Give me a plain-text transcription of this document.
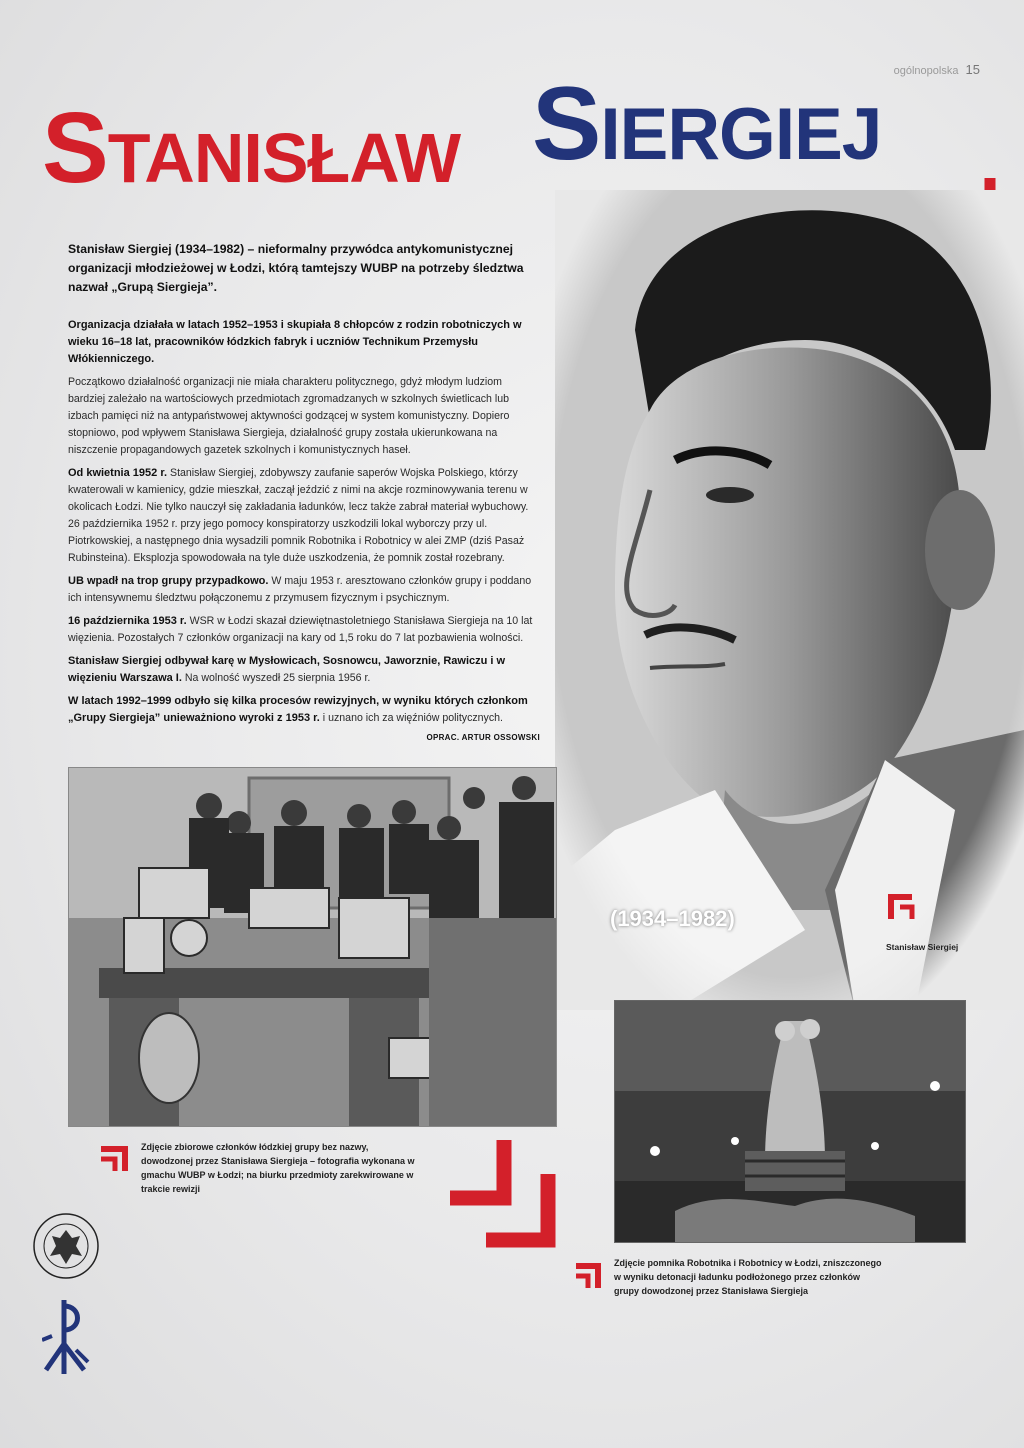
ogólnopolska 15
Stanisław Siergiej
(1934–1982)
Stanisław Siergiej

Stanisław Siergiej (1934–1982) – nieformalny przywódca antykomunistycznej organizacji młodzieżowej w Łodzi, którą tamtejszy WUBP na potrzeby śledztwa nazwał „Grupą Siergieja”.

Organizacja działała w latach 1952–1953 i skupiała 8 chłopców z rodzin robotniczych w wieku 16–18 lat, pracowników łódzkich fabryk i uczniów Technikum Przemysłu Włókienniczego.

Początkowo działalność organizacji nie miała charakteru politycznego, gdyż młodym ludziom bardziej zależało na wartościowych przedmiotach zgromadzanych w szkolnych świetlicach lub izbach pamięci niż na antypaństwowej aktywności godzącej w system komunistyczny. Dopiero stopniowo, pod wpływem Stanisława Siergieja, działalność grupy została ukierunkowana na niszczenie propagandowych gazetek szkolnych i komunistycznych haseł.

Od kwietnia 1952 r. Stanisław Siergiej, zdobywszy zaufanie saperów Wojska Polskiego, którzy kwaterowali w kamienicy, gdzie mieszkał, zaczął jeździć z nimi na akcje rozminowywania terenu w okolicach Łodzi. Nie tylko nauczył się zakładania ładunków, lecz także zabrał materiał wybuchowy. 26 października 1952 r. przy jego pomocy konspiratorzy uszkodzili lokal wyborczy przy ul. Piotrkowskiej, a następnego dnia wysadzili pomnik Robotnika i Robotnicy w alei ZMP (dziś Pasaż Rubinsteina). Eksplozja spowodowała na tyle duże uszkodzenia, że pomnik został rozebrany.

UB wpadł na trop grupy przypadkowo. W maju 1953 r. aresztowano członków grupy i poddano ich intensywnemu śledztwu połączonemu z przymusem fizycznym i psychicznym.

16 października 1953 r. WSR w Łodzi skazał dziewiętnastoletniego Stanisława Siergieja na 10 lat więzienia. Pozostałych 7 członków organizacji na kary od 1,5 roku do 7 lat pozbawienia wolności.

Stanisław Siergiej odbywał karę w Mysłowicach, Sosnowcu, Jaworznie, Rawiczu i w więzieniu Warszawa I. Na wolność wyszedł 25 sierpnia 1956 r.

W latach 1992–1999 odbyło się kilka procesów rewizyjnych, w wyniku których członkom „Grupy Siergieja” unieważniono wyroki z 1953 r. i uznano ich za więźniów politycznych.

OPRAC. ARTUR OSSOWSKI
Zdjęcie zbiorowe członków łódzkiej grupy bez nazwy, dowodzonej przez Stanisława Siergieja – fotografia wykonana w gmachu WUBP w Łodzi; na biurku przedmioty zarekwirowane w trakcie rewizji
Zdjęcie pomnika Robotnika i Robotnicy w Łodzi, zniszczonego w wyniku detonacji ładunku podłożonego przez członków grupy dowodzonej przez Stanisława Siergieja
